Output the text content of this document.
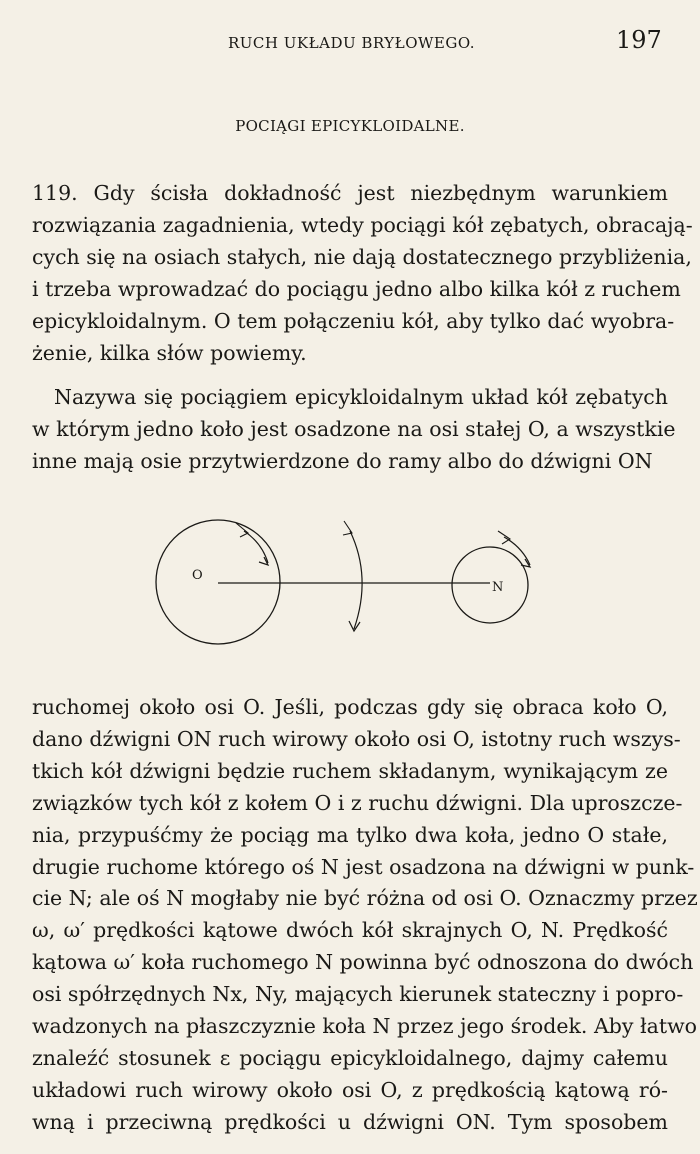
RUCH UKŁADU BRYŁOWEGO.	197
POCIĄGI EPICYKLOIDALNE.

119. Gdy ścisła dokładność jest niezbędnym warunkiem
rozwiązania zagadnienia, wtedy pociągi kół zębatych, obracają-
cych się na osiach stałych, nie dają dostatecznego przybliżenia,
i trzeba wprowadzać do pociągu jedno albo kilka kół z ruchem
epicykloidalnym. O tem połączeniu kół, aby tylko dać wyobra-
żenie, kilka słów powiemy.

Nazywa się pociągiem epicykloidalnym układ kół zębatych
w którym jedno koło jest osadzone na osi stałej O, a wszystkie
inne mają osie przytwierdzone do ramy albo do dźwigni ON

O
N

ruchomej około osi O. Jeśli, podczas gdy się obraca koło O,
dano dźwigni ON ruch wirowy około osi O, istotny ruch wszys-
tkich kół dźwigni będzie ruchem składanym, wynikającym ze
związków tych kół z kołem O i z ruchu dźwigni. Dla uproszcze-
nia, przypuśćmy że pociąg ma tylko dwa koła, jedno O stałe,
drugie ruchome którego oś N jest osadzona na dźwigni w punk-
cie N; ale oś N mogłaby nie być różna od osi O. Oznaczmy przez
ω, ω′ prędkości kątowe dwóch kół skrajnych O, N. Prędkość
kątowa ω′ koła ruchomego N powinna być odnoszona do dwóch
osi spółrzędnych Nx, Ny, mających kierunek stateczny i popro-
wadzonych na płaszczyznie koła N przez jego środek. Aby łatwo
znaleźć stosunek ε pociągu epicykloidalnego, dajmy całemu
układowi ruch wirowy około osi O, z prędkością kątową ró-
wną i przeciwną prędkości u dźwigni ON. Tym sposobem
